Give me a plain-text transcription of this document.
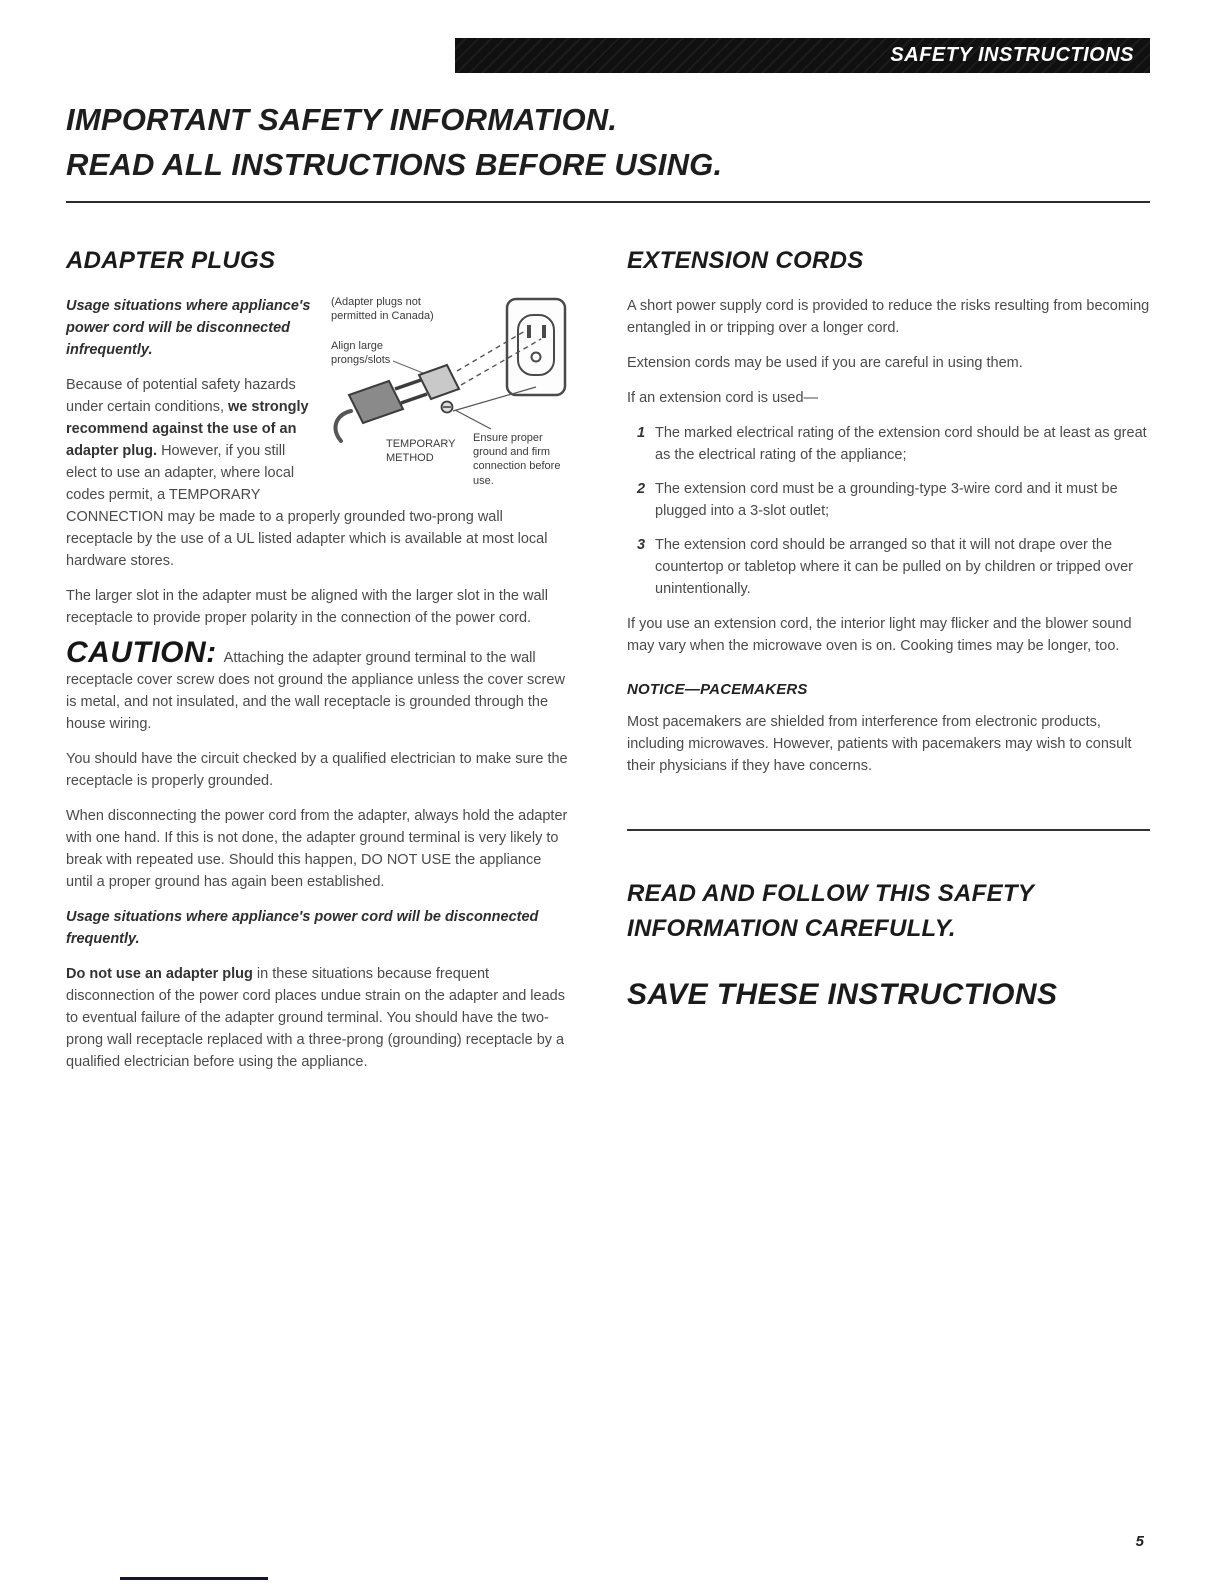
SAFETY INSTRUCTIONS
IMPORTANT SAFETY INFORMATION.
READ ALL INSTRUCTIONS BEFORE USING.
ADAPTER PLUGS
(Adapter plugs not permitted in Canada)
Align large prongs/slots
TEMPORARY METHOD
Ensure proper ground and firm connection before use.

Usage situations where appliance's power cord will be disconnected infrequently.

Because of potential safety hazards under certain conditions, we strongly recommend against the use of an adapter plug. However, if you still elect to use an adapter, where local codes permit, a TEMPORARY CONNECTION may be made to a properly grounded two-prong wall receptacle by the use of a UL listed adapter which is available at most local hardware stores.

The larger slot in the adapter must be aligned with the larger slot in the wall receptacle to provide proper polarity in the connection of the power cord.

CAUTION: Attaching the adapter ground terminal to the wall receptacle cover screw does not ground the appliance unless the cover screw is metal, and not insulated, and the wall receptacle is grounded through the house wiring.

You should have the circuit checked by a qualified electrician to make sure the receptacle is properly grounded.

When disconnecting the power cord from the adapter, always hold the adapter with one hand. If this is not done, the adapter ground terminal is very likely to break with repeated use. Should this happen, DO NOT USE the appliance until a proper ground has again been established.

Usage situations where appliance's power cord will be disconnected frequently.

Do not use an adapter plug in these situations because frequent disconnection of the power cord places undue strain on the adapter and leads to eventual failure of the adapter ground terminal. You should have the two-prong wall receptacle replaced with a three-prong (grounding) receptacle by a qualified electrician before using the appliance.

EXTENSION CORDS

A short power supply cord is provided to reduce the risks resulting from becoming entangled in or tripping over a longer cord.

Extension cords may be used if you are careful in using them.

If an extension cord is used—

1 The marked electrical rating of the extension cord should be at least as great as the electrical rating of the appliance;
2 The extension cord must be a grounding-type 3-wire cord and it must be plugged into a 3-slot outlet;
3 The extension cord should be arranged so that it will not drape over the countertop or tabletop where it can be pulled on by children or tripped over unintentionally.

If you use an extension cord, the interior light may flicker and the blower sound may vary when the microwave oven is on. Cooking times may be longer, too.

NOTICE—PACEMAKERS

Most pacemakers are shielded from interference from electronic products, including microwaves. However, patients with pacemakers may wish to consult their physicians if they have concerns.

READ AND FOLLOW THIS SAFETY INFORMATION CAREFULLY.
SAVE THESE INSTRUCTIONS
5
